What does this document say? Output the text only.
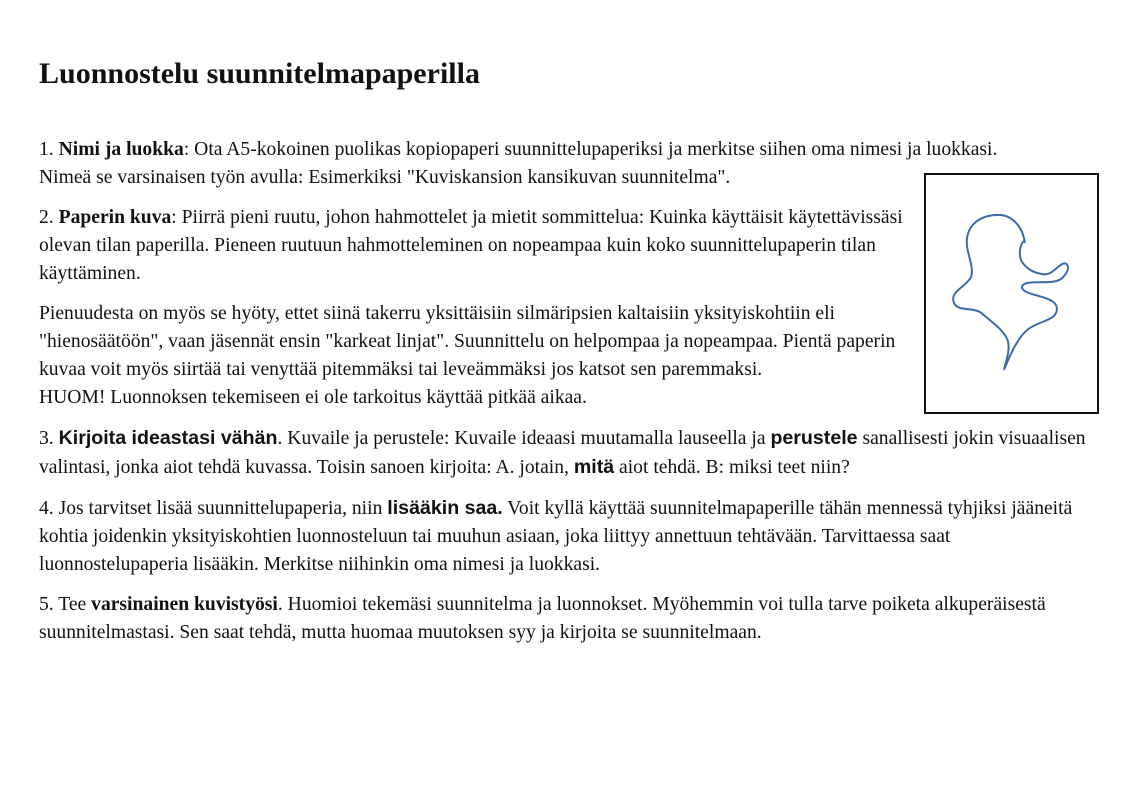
Luonnostelu suunnitelmapaperilla

1. Nimi ja luokka: Ota A5-kokoinen puolikas kopiopaperi suunnittelupaperiksi ja merkitse siihen oma nimesi ja luokkasi.

Nimeä se varsinaisen työn avulla: Esimerkiksi "Kuviskansion kansikuvan suunnitelma".

2. Paperin kuva: Piirrä pieni ruutu, johon hahmottelet ja mietit sommittelua: Kuinka käyttäisit käytettävissäsi olevan tilan paperilla. Pieneen ruutuun hahmotteleminen on nopeampaa kuin koko suunnittelupaperin tilan käyttäminen.

Pienuudesta on myös se hyöty, ettet siinä takerru yksittäisiin silmäripsien kaltaisiin yksityiskohtiin eli "hienosäätöön", vaan jäsennät ensin "karkeat linjat". Suunnittelu on helpompaa ja nopeampaa. Pientä paperin kuvaa voit myös siirtää tai venyttää pitemmäksi tai leveämmäksi jos katsot sen paremmaksi.
HUOM! Luonnoksen tekemiseen ei ole tarkoitus käyttää pitkää aikaa.

3. Kirjoita ideastasi vähän. Kuvaile ja perustele: Kuvaile ideaasi muutamalla lauseella ja perustele sanallisesti jokin visuaalisen valintasi, jonka aiot tehdä kuvassa. Toisin sanoen kirjoita: A. jotain, mitä aiot tehdä. B: miksi teet niin?

4. Jos tarvitset lisää suunnittelupaperia, niin lisääkin saa. Voit kyllä käyttää suunnitelmapaperille tähän mennessä tyhjiksi jääneitä kohtia joidenkin yksityiskohtien luonnosteluun tai muuhun asiaan, joka liittyy annettuun tehtävään. Tarvittaessa saat luonnostelupaperia lisääkin. Merkitse niihinkin oma nimesi ja luokkasi.

5. Tee varsinainen kuvistyösi. Huomioi tekemäsi suunnitelma ja luonnokset. Myöhemmin voi tulla tarve poiketa alkuperäisestä suunnitelmastasi. Sen saat tehdä, mutta huomaa muutoksen syy ja kirjoita se suunnitelmaan.
